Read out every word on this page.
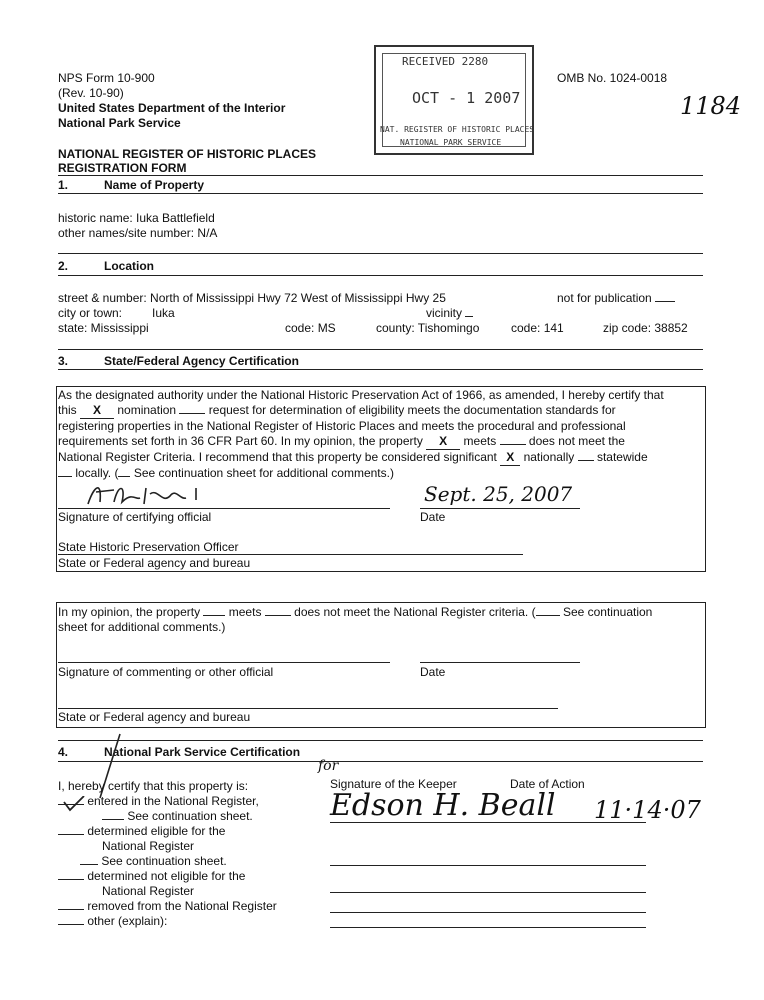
NPS Form 10-900
(Rev. 10-90)
United States Department of the Interior
National Park Service
OMB No. 1024-0018
1184
RECEIVED 2280
OCT - 1 2007
NAT. REGISTER OF HISTORIC PLACES
NATIONAL PARK SERVICE
NATIONAL REGISTER OF HISTORIC PLACES
REGISTRATION FORM
1.	Name of Property
historic name: Iuka Battlefield
other names/site number: N/A
2.	Location
street & number: North of Mississippi Hwy 72 West of Mississippi Hwy 25	not for publication
city or town: Iuka	vicinity
state: Mississippi	code: MS	county: Tishomingo	code: 141	zip code: 38852
3.	State/Federal Agency Certification
As the designated authority under the National Historic Preservation Act of 1966, as amended, I hereby certify that
this X nomination	request for determination of eligibility meets the documentation standards for
registering properties in the National Register of Historic Places and meets the procedural and professional
requirements set forth in 36 CFR Part 60. In my opinion, the property X meets	does not meet the
National Register Criteria. I recommend that this property be considered significant X nationally statewide
locally. ( See continuation sheet for additional comments.)
Sept. 25, 2007
Signature of certifying official	Date
State Historic Preservation Officer
State or Federal agency and bureau
In my opinion, the property meets	does not meet the National Register criteria. ( See continuation
sheet for additional comments.)
Signature of commenting or other official	Date
State or Federal agency and bureau
4.	National Park Service Certification
I, hereby certify that this property is:
entered in the National Register,
See continuation sheet.
determined eligible for the
National Register
See continuation sheet.
determined not eligible for the
National Register
removed from the National Register
other (explain):
for
Signature of the Keeper	Date of Action
Edson H. Beall 11·14·07
